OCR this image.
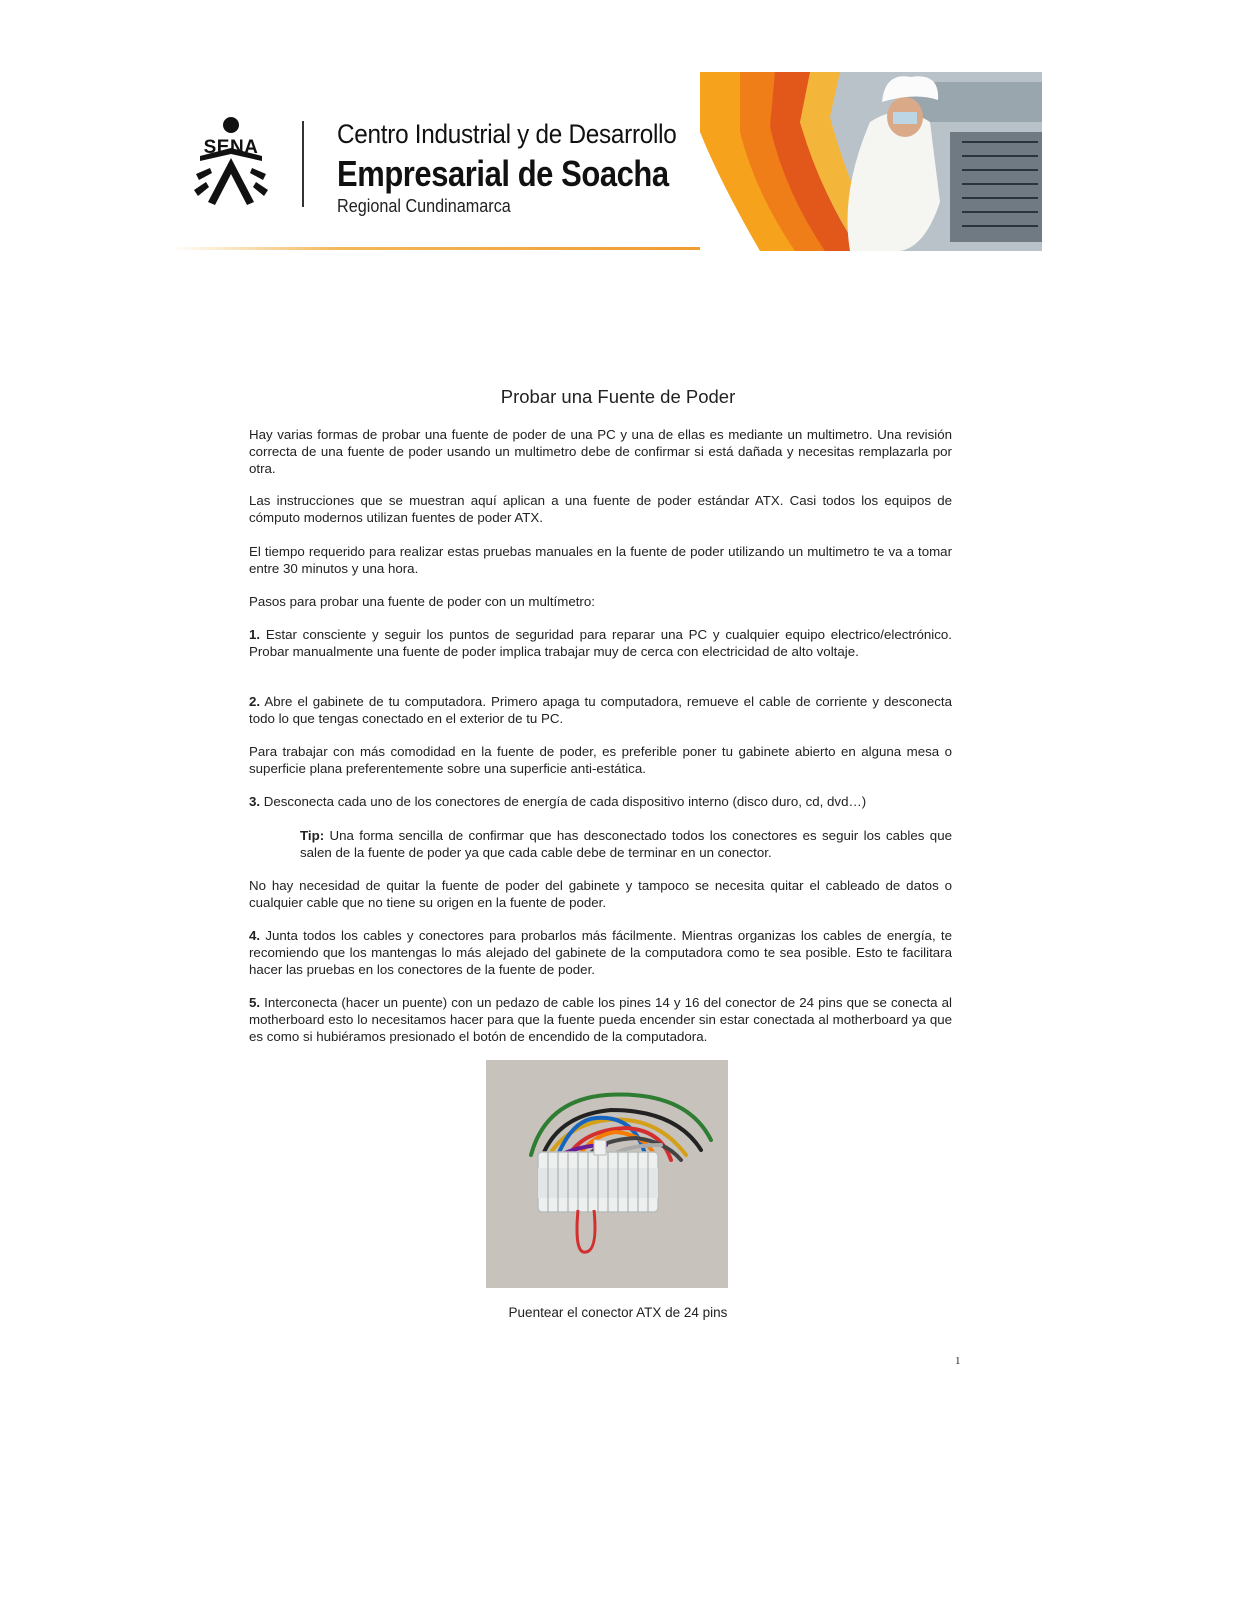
SENA	Centro Industrial y de Desarrollo
Empresarial de Soacha
Regional Cundinamarca
Probar una Fuente de Poder

Hay varias formas de probar una fuente de poder de una PC y una de ellas es mediante un multimetro. Una revisión correcta de una fuente de poder usando un multimetro debe de confirmar si está dañada y necesitas remplazarla por otra.

Las instrucciones que se muestran aquí aplican a una fuente de poder estándar ATX. Casi todos los equipos de cómputo modernos utilizan fuentes de poder ATX.

El tiempo requerido para realizar estas pruebas manuales en la fuente de poder utilizando un multimetro te va a tomar entre 30 minutos y una hora.

Pasos para probar una fuente de poder con un multímetro:

1. Estar consciente y seguir los puntos de seguridad para reparar una PC y cualquier equipo electrico/electrónico. Probar manualmente una fuente de poder implica trabajar muy de cerca con electricidad de alto voltaje.

2. Abre el gabinete de tu computadora. Primero apaga tu computadora, remueve el cable de corriente y desconecta todo lo que tengas conectado en el exterior de tu PC.

Para trabajar con más comodidad en la fuente de poder, es preferible poner tu gabinete abierto en alguna mesa o superficie plana preferentemente sobre una superficie anti-estática.

3. Desconecta cada uno de los conectores de energía de cada dispositivo interno (disco duro, cd, dvd…)

Tip: Una forma sencilla de confirmar que has desconectado todos los conectores es seguir los cables que salen de la fuente de poder ya que cada cable debe de terminar en un conector.

No hay necesidad de quitar la fuente de poder del gabinete y tampoco se necesita quitar el cableado de datos o cualquier cable que no tiene su origen en la fuente de poder.

4. Junta todos los cables y conectores para probarlos más fácilmente. Mientras organizas los cables de energía, te recomiendo que los mantengas lo más alejado del gabinete de la computadora como te sea posible. Esto te facilitara hacer las pruebas en los conectores de la fuente de poder.

5. Interconecta (hacer un puente) con un pedazo de cable los pines 14 y 16 del conector de 24 pins que se conecta al motherboard esto lo necesitamos hacer para que la fuente pueda encender sin estar conectada al motherboard ya que es como si hubiéramos presionado el botón de encendido de la computadora.

Puentear el conector ATX de 24 pins
1
